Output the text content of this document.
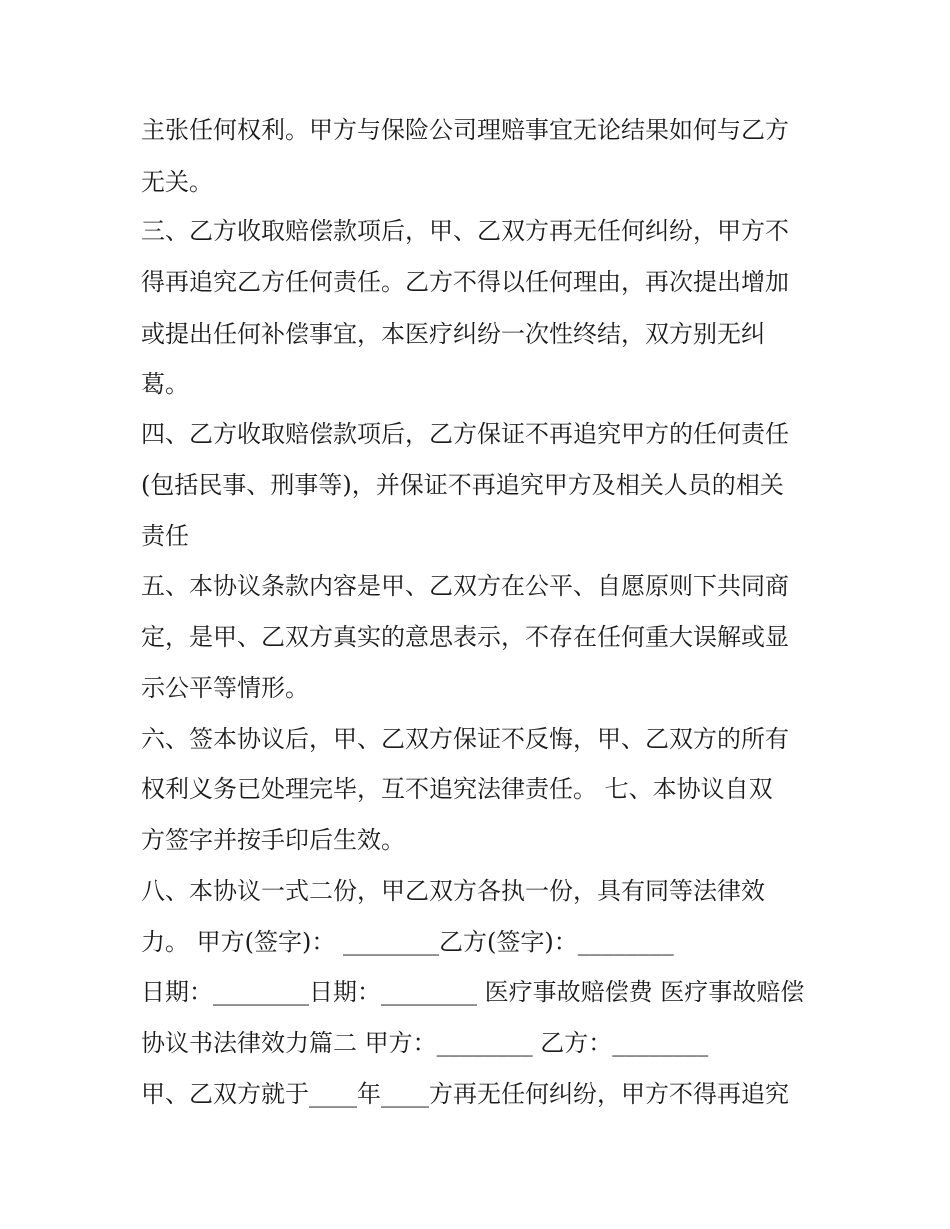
主张任何权利。甲方与保险公司理赔事宜无论结果如何与乙方
无关。
三、乙方收取赔偿款项后，甲、乙双方再无任何纠纷，甲方不
得再追究乙方任何责任。乙方不得以任何理由，再次提出增加
或提出任何补偿事宜，本医疗纠纷一次性终结，双方别无纠
葛。
四、乙方收取赔偿款项后，乙方保证不再追究甲方的任何责任
(包括民事、刑事等)，并保证不再追究甲方及相关人员的相关
责任
五、本协议条款内容是甲、乙双方在公平、自愿原则下共同商
定，是甲、乙双方真实的意思表示，不存在任何重大误解或显
示公平等情形。
六、签本协议后，甲、乙双方保证不反悔，甲、乙双方的所有
权利义务已处理完毕，互不追究法律责任。 七、本协议自双
方签字并按手印后生效。
八、本协议一式二份，甲乙双方各执一份，具有同等法律效
力。 甲方(签字)： ________乙方(签字)：________
日期：________日期：________ 医疗事故赔偿费 医疗事故赔偿
协议书法律效力篇二 甲方：________ 乙方：________
甲、乙双方就于____年____方再无任何纠纷，甲方不得再追究
